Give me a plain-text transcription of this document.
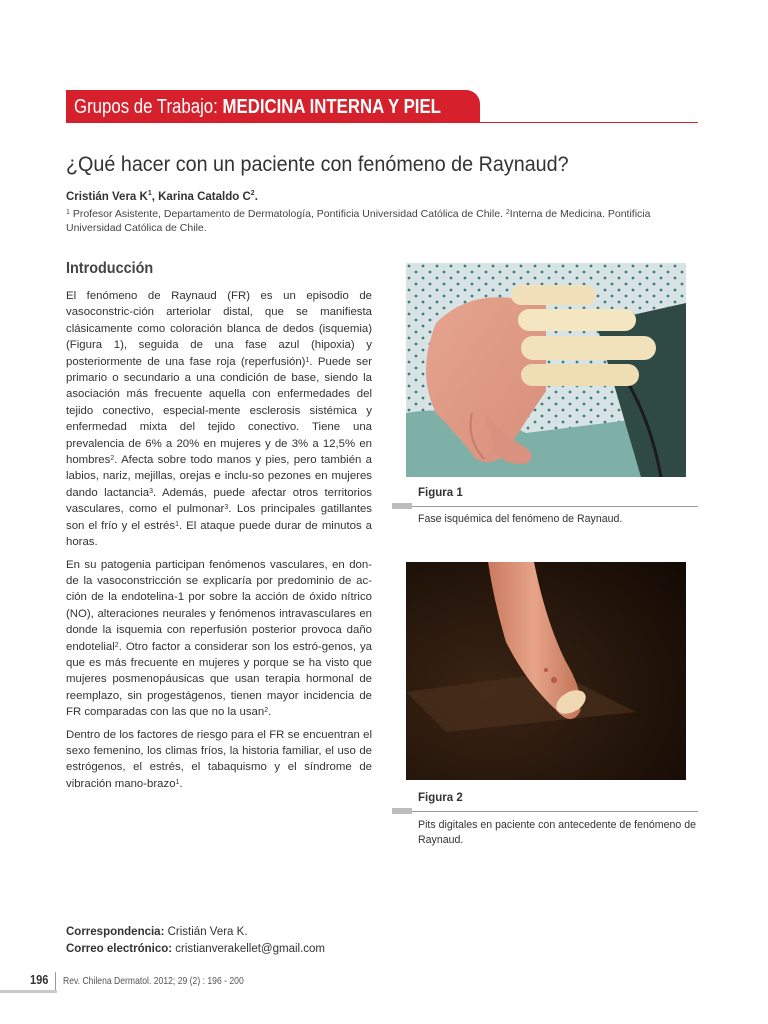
Grupos de Trabajo: MEDICINA INTERNA Y PIEL
¿Qué hacer con un paciente con fenómeno de Raynaud?
Cristián Vera $K^1$, Karina Cataldo $C^2$.
$^1$ Profesor Asistente, Departamento de Dermatología, Pontificia Universidad Católica de Chile. $^2$Interna de Medicina. Pontificia Universidad Católica de Chile.
Introducción

El fenómeno de Raynaud (FR) es un episodio de vasoconstric-ción arteriolar distal, que se manifiesta clásicamente como coloración blanca de dedos (isquemia) (Figura 1), seguida de una fase azul (hipoxia) y posteriormente de una fase roja (reperfusión)$^1$. Puede ser primario o secundario a una condición de base, siendo la asociación más frecuente aquella con enfermedades del tejido conectivo, especial-mente esclerosis sistémica y enfermedad mixta del tejido conectivo. Tiene una prevalencia de 6% a 20% en mujeres y de 3% a 12,5% en hombres$^2$. Afecta sobre todo manos y pies, pero también a labios, nariz, mejillas, orejas e inclu-so pezones en mujeres dando lactancia$^3$. Además, puede afectar otros territorios vasculares, como el pulmonar$^3$. Los principales gatillantes son el frío y el estrés$^1$. El ataque puede durar de minutos a horas.

En su patogenia participan fenómenos vasculares, en don-de la vasoconstricción se explicaría por predominio de ac-ción de la endotelina-1 por sobre la acción de óxido nítrico (NO), alteraciones neurales y fenómenos intravasculares en donde la isquemia con reperfusión posterior provoca daño endotelial$^2$. Otro factor a considerar son los estró-genos, ya que es más frecuente en mujeres y porque se ha visto que mujeres posmenopáusicas que usan terapia hormonal de reemplazo, sin progestágenos, tienen mayor incidencia de FR comparadas con las que no la usan$^2$.

Dentro de los factores de riesgo para el FR se encuentran el sexo femenino, los climas fríos, la historia familiar, el uso de estrógenos, el estrés, el tabaquismo y el síndrome de vibración mano-brazo$^1$.

Figura 1
Fase isquémica del fenómeno de Raynaud.
Figura 2
Pits digitales en paciente con antecedente de fenómeno de Raynaud.
Correspondencia: Cristián Vera K.
Correo electrónico: cristianverakellet@gmail.com
196 Rev. Chilena Dermatol. 2012; 29 (2) : 196 - 200
